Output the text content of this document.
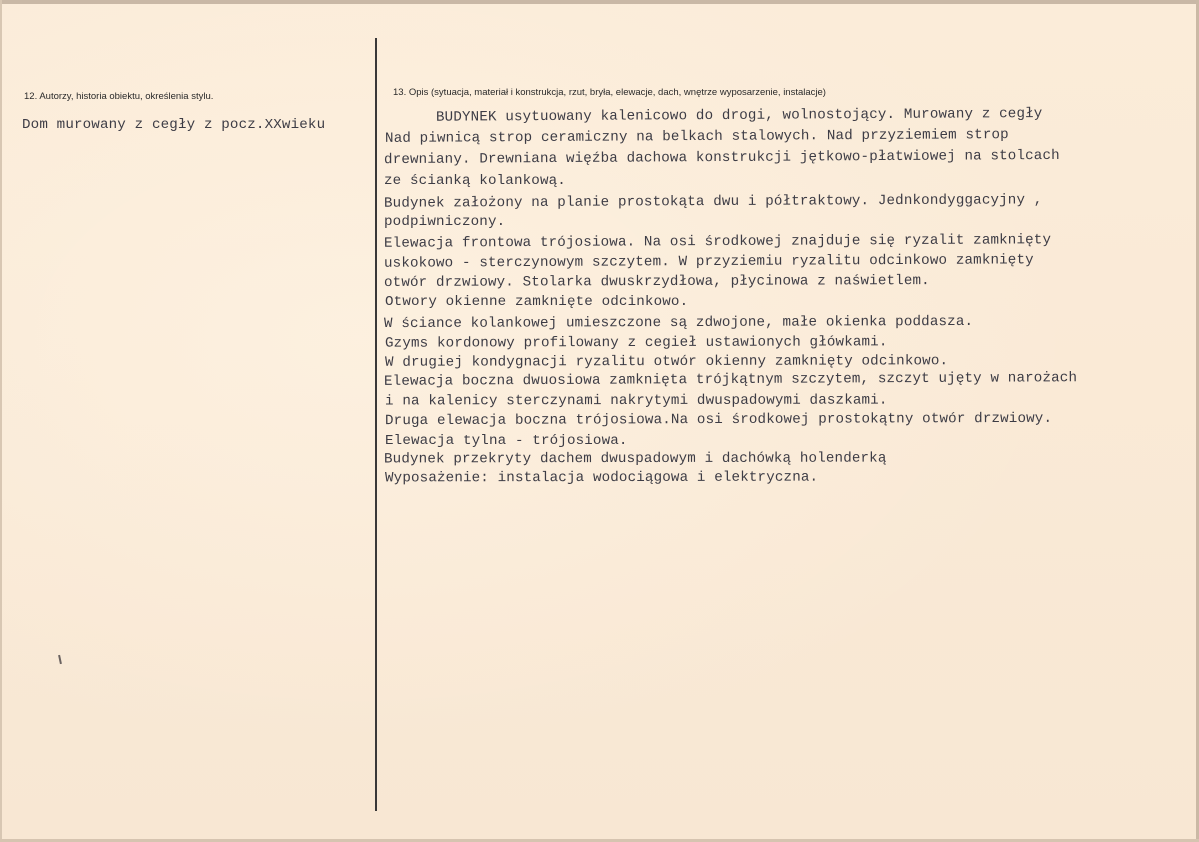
12. Autorzy, historia obiektu, określenia stylu.
Dom murowany z cegły z pocz.XXwieku
13. Opis (sytuacja, materiał i konstrukcja, rzut, bryła, elewacje, dach, wnętrze wyposarzenie, instalacje)

BUDYNEK usytuowany kalenicowo do drogi, wolnostojący. Murowany z cegły

Nad piwnicą strop ceramiczny na belkach stalowych. Nad przyziemiem strop

drewniany. Drewniana więźba dachowa konstrukcji jętkowo-płatwiowej na stolcach

ze ścianką kolankową.

Budynek założony na planie prostokąta dwu i półtraktowy. Jednkondyggacyjny ,

podpiwniczony.

Elewacja frontowa trójosiowa. Na osi środkowej znajduje się ryzalit zamknięty

uskokowo - sterczynowym szczytem. W przyziemiu ryzalitu odcinkowo zamknięty

otwór drzwiowy. Stolarka dwuskrzydłowa, płycinowa z naświetlem.

Otwory okienne zamknięte odcinkowo.

W ściance kolankowej umieszczone są zdwojone, małe okienka poddasza.

Gzyms kordonowy profilowany z cegieł ustawionych główkami.

W drugiej kondygnacji ryzalitu otwór okienny zamknięty odcinkowo.

Elewacja boczna dwuosiowa zamknięta trójkątnym szczytem, szczyt ujęty w narożach

i na kalenicy sterczynami nakrytymi dwuspadowymi daszkami.

Druga elewacja boczna trójosiowa.Na osi środkowej prostokątny otwór drzwiowy.

Elewacja tylna - trójosiowa.

Budynek przekryty dachem dwuspadowym i dachówką holenderką

Wyposażenie: instalacja wodociągowa i elektryczna.
